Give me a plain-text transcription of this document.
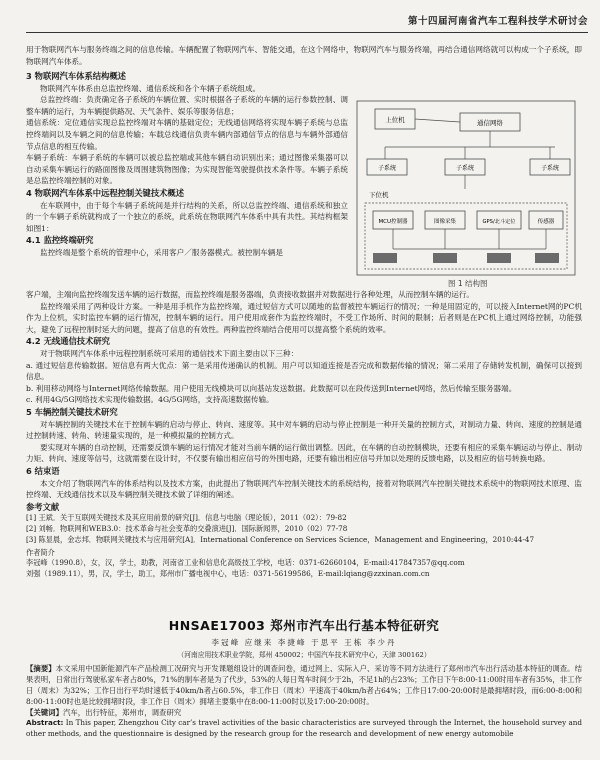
第十四届河南省汽车工程科技学术研讨会

用于物联网汽车与服务终端之间的信息传输。车辆配置了物联网汽车、智能交通，在这个网络中，物联网汽车与服务终端，再结合通信网络就可以构成一个子系统，即物联网汽车体系。

3 物联网汽车体系结构概述

物联网汽车体系由总监控终端、通信系统和各个车辆子系统组成。

总监控终端：负责确定各子系统的车辆位置、实时根据各子系统的车辆的运行参数控制、调整车辆的运行，为车辆提供路况、天气条件、娱乐等服务信息；

通信系统：定位通信实现总监控终端对车辆的基础定位；无线通信网络将实现车辆子系统与总监控终端间以及车辆之间的信息传输；车载总线通信负责车辆内部通信节点的信息与车辆外部通信节点信息的相互传输。

车辆子系统：车辆子系统的车辆可以被总监控端或其他车辆自动识别出来；通过图像采集器可以自动采集车辆运行的路面图像及周围建筑物图像；为实现智能驾驶提供技术条件等。车辆子系统是总监控终端控制的对象。

4 物联网汽车体系中远程控制关键技术概述

在车联网中，由于每个车辆子系统间是并行结构的关系，所以总监控终端、通信系统和独立的一个车辆子系统就构成了一个独立的系统，此系统在物联网汽车体系中具有共性。其结构框架如图1：

4.1 监控终端研究

监控终端是整个系统的管理中心，采用客户／服务器模式。被控制车辆是

上位机	通信网络
子系统	子系统	子系统
下位机
MCU控制器	图像采集	GPS/北斗定位	传感器
图 1 结构图

客户端，主端向监控终端发送车辆的运行数据，而监控终端是服务器端，负责接收数据并对数据进行各种处理，从而控制车辆的运行。

监控终端采用了两种设计方案。一种是用手机作为监控终端，通过短信方式可以随地的监督被控车辆运行的情况；一种是用固定的，可以接入Internet网的PC机作为上位机，实时监控车辆的运行情况，控制车辆的运行。用户使用成套作为监控终端时，不受工作场所、时间的限制；后者则是在PC机上通过网络控制，功能强大，避免了远程控制时延大的问题，提高了信息的有效性。两种监控终端结合使用可以提高整个系统的效率。

4.2 无线通信技术研究

对于物联网汽车体系中远程控制系统可采用的通信技术下面主要由以下三种：

a. 通过短信息传输数据。短信息有两大优点：第一是采用传递确认的机制。用户可以知道连接是否完成和数据传输的情况；第二采用了存储转发机制，确保可以接到信息。

b. 利用移动网络与Internet网络传输数据。用户使用无线模块可以向基站发送数据。此数据可以在段传送到Internet网络，然后传输至服务器端。

c. 利用4G/5G网络技术实现传输数据。4G/5G网络，支持高速数据传输。

5 车辆控制关键技术研究

对车辆控制的关键技术在于控制车辆的启动与停止、转向、速度等。其中对车辆的启动与停止控制是一种开关量的控制方式，对制动力量、转向、速度的控制是通过控制转速、转角、转速量实现的，是一种模拟量的控制方式。

要实现对车辆的自动控制，还需要反馈车辆的运行情况才能对当前车辆的运行做出调整。因此，在车辆的自动控制模块，还要有相应的采集车辆运动与停止、制动力矩、转向、速度等信号，这就需要在设计时，不仅要有输出相应信号的外围电路，还要有输出相应信号并加以处理的反馈电路，以及相应的信号转换电路。

6 结束语

本文介绍了物联网汽车的体系结构以及技术方案，由此提出了物联网汽车控制关键技术的系统结构，接着对物联网汽车控制关键技术系统中的物联网技术原理、监控终端、无线通信技术以及车辆控制关键技术做了详细的阐述。

参考文献

[1] 王斌．关于互联网关键技术及其应用前景的研究[J]．信息与电脑（理论版），2011（02）：79-82

[2] 刘畅．物联网和WEB3.0：技术革命与社会变革的交叠演进[J]．国际新闻界，2010（02）77-78

[3] 陈显晨，金志邦．物联网关键技术与应用研究[A]．International Conference on Services Science，Management and Engineering，2010:44-47

作者简介

李冠峰（1990.8），女，汉，学士，助教，河南省工业和信息化高级技工学校，电话：0371-62660104，E-mail:417847357@qq.com

刘强（1989.11），男，汉，学士，助工，郑州市广播电视中心，电话：0371-56199586，E-mail:lqiang@zzxinan.com.cn

HNSAE17003 郑州市汽车出行基本特征研究

李冠峰 应继来 李捷峰 于思平 王栋 李少丹

（河南应用技术职业学院，郑州 450002；中国汽车技术研究中心，天津 300162）

【摘要】本文采用中国新能源汽车产品检测工况研究与开发课题组设计的调查问卷，通过网上、实际入户、采访等不同方法进行了郑州市汽车出行活动基本特征的调查。结果表明，日常出行驾驶私家车者占80%，71%的制车者是为了代步，53%的人每日驾车时间少于2h，不足1h的占23%；工作日下午8:00-11:00时用车者有35%，非工作日（周末）为32%；工作日出行平均时速低于40km/h者占60.5%，非工作日（周末）平速高于40km/h者占64%；工作日17:00-20:00时是最拥堵时段，而6:00-8:00和8:00-11:00时也是比较拥堵时段，非工作日（周末）拥堵主要集中在8:00-11:00时以及17:00-20:00时。

【关键词】汽车，出行特征，郑州市，调查研究

Abstract: In This paper, Zhengzhou City car’s travel activities of the basic characteristics are surveyed through the Internet, the household survey and other methods, and the questionnaire is designed by the research group for the research and development of new energy automobile
